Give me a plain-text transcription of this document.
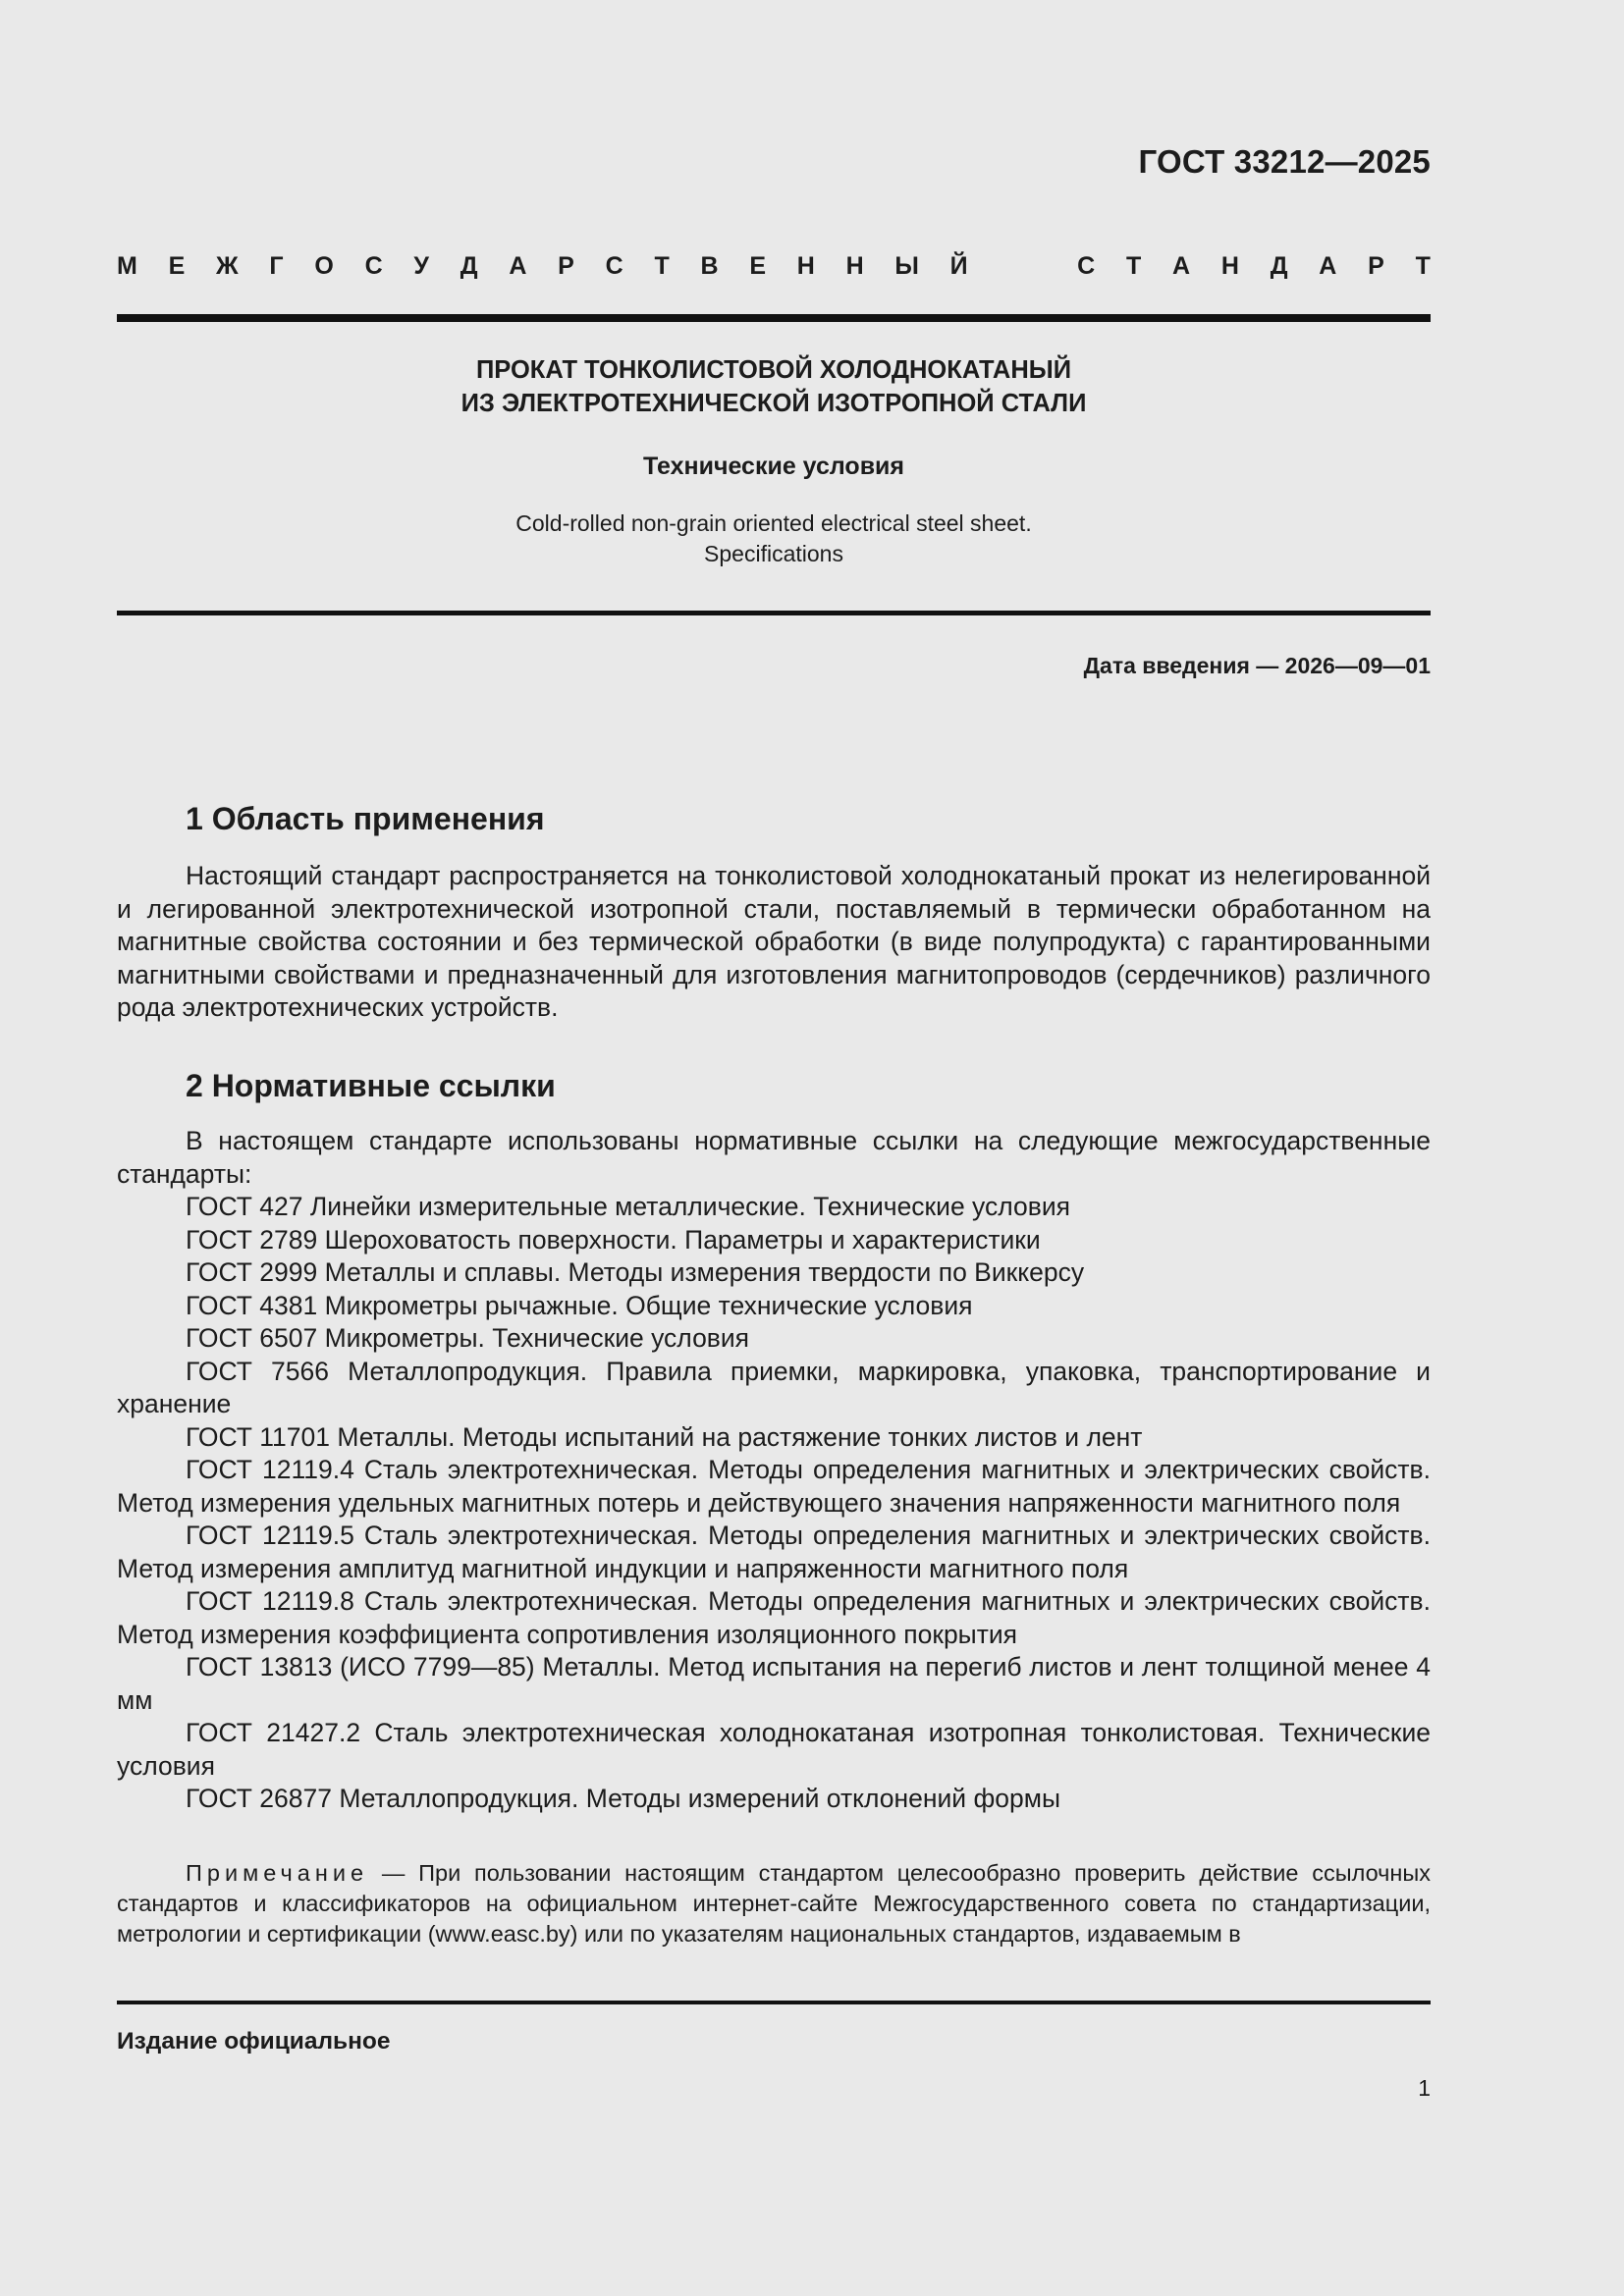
ГОСТ 33212—2025
М Е Ж Г О С У Д А Р С Т В Е Н Н Ы Й	С Т А Н Д А Р Т
ПРОКАТ ТОНКОЛИСТОВОЙ ХОЛОДНОКАТАНЫЙ
ИЗ ЭЛЕКТРОТЕХНИЧЕСКОЙ ИЗОТРОПНОЙ СТАЛИ
Технические условия
Cold-rolled non-grain oriented electrical steel sheet.
Specifications
Дата введения — 2026—09—01
1 Область применения

Настоящий стандарт распространяется на тонколистовой холоднокатаный прокат из нелегированной и легированной электротехнической изотропной стали, поставляемый в термически обработанном на магнитные свойства состоянии и без термической обработки (в виде полупродукта) с гарантированными магнитными свойствами и предназначенный для изготовления магнитопроводов (сердечников) различного рода электротехнических устройств.

2 Нормативные ссылки

В настоящем стандарте использованы нормативные ссылки на следующие межгосударственные стандарты:

ГОСТ 427 Линейки измерительные металлические. Технические условия

ГОСТ 2789 Шероховатость поверхности. Параметры и характеристики

ГОСТ 2999 Металлы и сплавы. Методы измерения твердости по Виккерсу

ГОСТ 4381 Микрометры рычажные. Общие технические условия

ГОСТ 6507 Микрометры. Технические условия

ГОСТ 7566 Металлопродукция. Правила приемки, маркировка, упаковка, транспортирование и хранение

ГОСТ 11701 Металлы. Методы испытаний на растяжение тонких листов и лент

ГОСТ 12119.4 Сталь электротехническая. Методы определения магнитных и электрических свойств. Метод измерения удельных магнитных потерь и действующего значения напряженности магнитного поля

ГОСТ 12119.5 Сталь электротехническая. Методы определения магнитных и электрических свойств. Метод измерения амплитуд магнитной индукции и напряженности магнитного поля

ГОСТ 12119.8 Сталь электротехническая. Методы определения магнитных и электрических свойств. Метод измерения коэффициента сопротивления изоляционного покрытия

ГОСТ 13813 (ИСО 7799—85) Металлы. Метод испытания на перегиб листов и лент толщиной менее 4 мм

ГОСТ 21427.2 Сталь электротехническая холоднокатаная изотропная тонколистовая. Технические условия

ГОСТ 26877 Металлопродукция. Методы измерений отклонений формы

Примечание — При пользовании настоящим стандартом целесообразно проверить действие ссылочных стандартов и классификаторов на официальном интернет-сайте Межгосударственного совета по стандартизации, метрологии и сертификации (www.easc.by) или по указателям национальных стандартов, издаваемым в

Издание официальное
1
